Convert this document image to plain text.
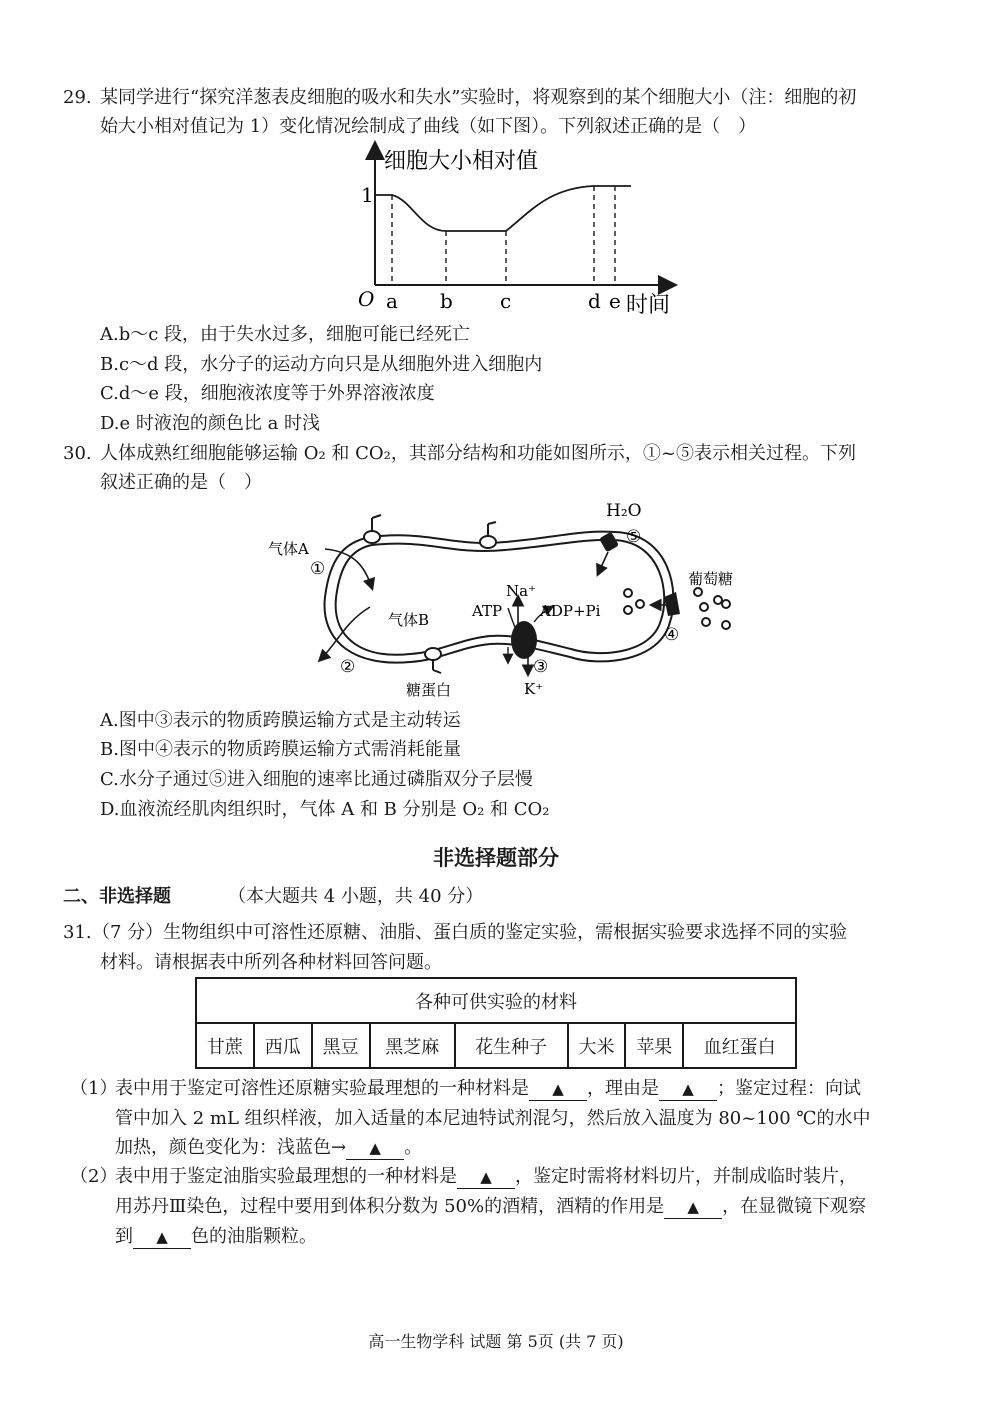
29. 某同学进行“探究洋葱表皮细胞的吸水和失水”实验时，将观察到的某个细胞大小（注：细胞的初
始大小相对值记为 1）变化情况绘制成了曲线（如下图）。下列叙述正确的是（　）
a b c	d e
细胞大小相对值
时间
O
1
A.b～c 段，由于失水过多，细胞可能已经死亡
B.c～d 段，水分子的运动方向只是从细胞外进入细胞内
C.d～e 段，细胞液浓度等于外界溶液浓度
D.e 时液泡的颜色比 a 时浅
30. 人体成熟红细胞能够运输 O₂ 和 CO₂，其部分结构和功能如图所示，①~⑤表示相关过程。下列
叙述正确的是（　）
气体A
①
气体B
②
糖蛋白
H₂O
⑤
葡萄糖
④
Na⁺
ATP	ADP+Pi
③
K⁺
A.图中③表示的物质跨膜运输方式是主动转运
B.图中④表示的物质跨膜运输方式需消耗能量
C.水分子通过⑤进入细胞的速率比通过磷脂双分子层慢
D.血液流经肌肉组织时，气体 A 和 B 分别是 O₂ 和 CO₂
非选择题部分
二、非选择题	（本大题共 4 小题，共 40 分）
31. （7 分）生物组织中可溶性还原糖、油脂、蛋白质的鉴定实验，需根据实验要求选择不同的实验
材料。请根据表中所列各种材料回答问题。
各种可供实验的材料
甘蔗	西瓜	黑豆	黑芝麻	花生种子	大米	苹果	血红蛋白
（1）
表中用于鉴定可溶性还原糖实验最理想的一种材料是 ▲ ，理由是 ▲ ；鉴定过程：向试
管中加入 2 mL 组织样液，加入适量的本尼迪特试剂混匀，然后放入温度为 80~100 ℃的水中
加热，颜色变化为：浅蓝色→ ▲ 。
（2）
表中用于鉴定油脂实验最理想的一种材料是 ▲ ，鉴定时需将材料切片，并制成临时装片，
用苏丹Ⅲ染色，过程中要用到体积分数为 50%的酒精，酒精的作用是 ▲ ，在显微镜下观察
到 ▲ 色的油脂颗粒。
高一生物学科 试题 第 5页 (共 7 页)
